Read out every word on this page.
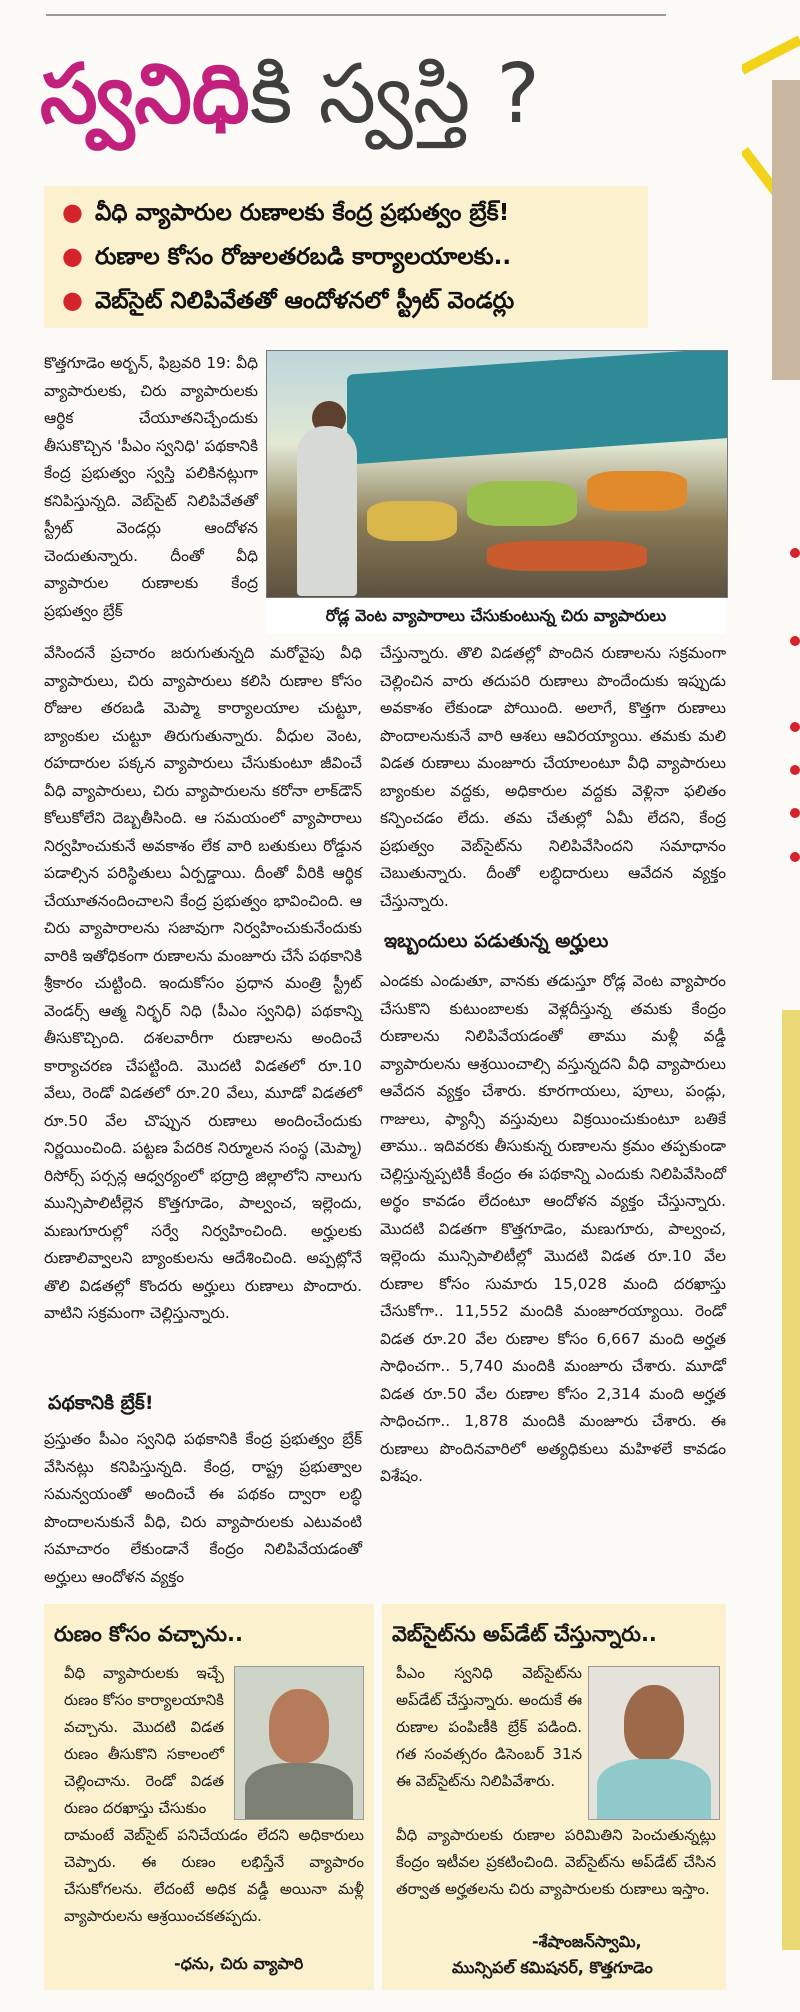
స్వనిధికి స్వస్తి ?
● వీధి వ్యాపారుల రుణాలకు కేంద్ర ప్రభుత్వం బ్రేక్!
● రుణాల కోసం రోజులతరబడి కార్యాలయాలకు..
● వెబ్‌సైట్ నిలిపివేతతో ఆందోళనలో స్ట్రీట్ వెండర్లు
రోడ్ల వెంట వ్యాపారాలు చేసుకుంటున్న చిరు వ్యాపారులు

కొత్తగూడెం అర్బన్, ఫిబ్రవరి 19: వీధి వ్యాపారులకు, చిరు వ్యాపారులకు ఆర్థిక చేయూతనిచ్చేందుకు తీసుకొచ్చిన 'పీఎం స్వనిధి' పథకానికి కేంద్ర ప్రభుత్వం స్వస్తి పలికినట్లుగా కనిపిస్తున్నది. వెబ్‌సైట్ నిలిపివేతతో స్ట్రీట్ వెండర్లు ఆందోళన చెందుతున్నారు. దీంతో వీధి వ్యాపారుల రుణాలకు కేంద్ర ప్రభుత్వం బ్రేక్

వేసిందనే ప్రచారం జరుగుతున్నది మరోవైపు వీధి వ్యాపారులు, చిరు వ్యాపారులు కలిసి రుణాల కోసం రోజుల తరబడి మెప్మా కార్యాలయాల చుట్టూ, బ్యాంకుల చుట్టూ తిరుగుతున్నారు. వీధుల వెంట, రహదారుల పక్కన వ్యాపారులు చేసుకుంటూ జీవించే వీధి వ్యాపారులు, చిరు వ్యాపారులను కరోనా లాక్‌డౌన్ కోలుకోలేని దెబ్బతీసింది. ఆ సమయంలో వ్యాపారాలు నిర్వహించుకునే అవకాశం లేక వారి బతుకులు రోడ్డున పడాల్సిన పరిస్థితులు ఏర్పడ్డాయి. దీంతో వీరికి ఆర్థిక చేయూతనందించాలని కేంద్ర ప్రభుత్వం భావించింది. ఆ చిరు వ్యాపారాలను సజావుగా నిర్వహించుకునేందుకు వారికి ఇతోధికంగా రుణాలను మంజూరు చేసే పథకానికి శ్రీకారం చుట్టింది. ఇందుకోసం ప్రధాన మంత్రి స్ట్రీట్ వెండర్స్ ఆత్మ నిర్భర్ నిధి (పీఎం స్వనిధి) పథకాన్ని తీసుకొచ్చింది. దశలవారీగా రుణాలను అందించే కార్యాచరణ చేపట్టింది. మొదటి విడతలో రూ.10 వేలు, రెండో విడతలో రూ.20 వేలు, మూడో విడతలో రూ.50 వేల చొప్పున రుణాలు అందించేందుకు నిర్ణయించింది. పట్టణ పేదరిక నిర్మూలన సంస్థ (మెప్మా) రిసోర్స్ పర్సన్ల ఆధ్వర్యంలో భద్రాద్రి జిల్లాలోని నాలుగు మున్సిపాలిటీల్లెన కొత్తగూడెం, పాల్వంచ, ఇల్లెందు, మణుగూరుల్లో సర్వే నిర్వహించింది. అర్హులకు రుణాలివ్వాలని బ్యాంకులను ఆదేశించింది. అప్పట్లోనే తొలి విడతల్లో కొందరు అర్హులు రుణాలు పొందారు. వాటిని సక్రమంగా చెల్లిస్తున్నారు.

పథకానికి బ్రేక్!

ప్రస్తుతం పీఎం స్వనిధి పథకానికి కేంద్ర ప్రభుత్వం బ్రేక్ వేసినట్లు కనిపిస్తున్నది. కేంద్ర, రాష్ట్ర ప్రభుత్వాల సమన్వయంతో అందించే ఈ పథకం ద్వారా లబ్ధి పొందాలనుకునే వీధి, చిరు వ్యాపారులకు ఎటువంటి సమాచారం లేకుండానే కేంద్రం నిలిపివేయడంతో అర్హులు ఆందోళన వ్యక్తం

చేస్తున్నారు. తొలి విడతల్లో పొందిన రుణాలను సక్రమంగా చెల్లించిన వారు తదుపరి రుణాలు పొందేందుకు ఇప్పుడు అవకాశం లేకుండా పోయింది. అలాగే, కొత్తగా రుణాలు పొందాలనుకునే వారి ఆశలు ఆవిరయ్యాయి. తమకు మలి విడత రుణాలు మంజూరు చేయాలంటూ వీధి వ్యాపారులు బ్యాంకుల వద్దకు, అధికారుల వద్దకు వెళ్లినా ఫలితం కన్పించడం లేదు. తమ చేతుల్లో ఏమీ లేదని, కేంద్ర ప్రభుత్వం వెబ్‌సైట్‌ను నిలిపివేసిందని సమాధానం చెబుతున్నారు. దీంతో లబ్ధిదారులు ఆవేదన వ్యక్తం చేస్తున్నారు.

ఇబ్బందులు పడుతున్న అర్హులు

ఎండకు ఎండుతూ, వానకు తడుస్తూ రోడ్ల వెంట వ్యాపారం చేసుకొని కుటుంబాలకు వెళ్లదీస్తున్న తమకు కేంద్రం రుణాలను నిలిపివేయడంతో తాము మళ్లీ వడ్డీ వ్యాపారులను ఆశ్రయించాల్సి వస్తున్నదని వీధి వ్యాపారులు ఆవేదన వ్యక్తం చేశారు. కూరగాయలు, పూలు, పండ్లు, గాజులు, ఫ్యాన్సీ వస్తువులు విక్రయించుకుంటూ బతికే తాము.. ఇదివరకు తీసుకున్న రుణాలను క్రమం తప్పకుండా చెల్లిస్తున్నప్పటికీ కేంద్రం ఈ పథకాన్ని ఎందుకు నిలిపివేసిందో అర్థం కావడం లేదంటూ ఆందోళన వ్యక్తం చేస్తున్నారు. మొదటి విడతగా కొత్తగూడెం, మణుగూరు, పాల్వంచ, ఇల్లెందు మున్సిపాలిటీల్లో మొదటి విడత రూ.10 వేల రుణాల కోసం సుమారు 15,028 మంది దరఖాస్తు చేసుకోగా.. 11,552 మందికి మంజూరయ్యాయి. రెండో విడత రూ.20 వేల రుణాల కోసం 6,667 మంది అర్హత సాధించగా.. 5,740 మందికి మంజూరు చేశారు. మూడో విడత రూ.50 వేల రుణాల కోసం 2,314 మంది అర్హత సాధించగా.. 1,878 మందికి మంజూరు చేశారు. ఈ రుణాలు పొందినవారిలో అత్యధికులు మహిళలే కావడం విశేషం.

రుణం కోసం వచ్చాను..
వీధి వ్యాపారులకు ఇచ్చే రుణం కోసం కార్యాలయానికి వచ్చాను. మొదటి విడత రుణం తీసుకొని సకాలంలో చెల్లించాను. రెండో విడత రుణం దరఖాస్తు చేసుకుం
దామంటే వెబ్‌సైట్ పనిచేయడం లేదని అధికారులు చెప్పారు. ఈ రుణం లభిస్తేనే వ్యాపారం చేసుకోగలను. లేదంటే అధిక వడ్డీ అయినా మళ్లీ వ్యాపారులను ఆశ్రయించకతప్పదు.
-ధను, చిరు వ్యాపారి
వెబ్‌సైట్‌ను అప్‌డేట్ చేస్తున్నారు..
పీఎం స్వనిధి వెబ్‌సైట్‌ను అప్‌డేట్ చేస్తున్నారు. అందుకే ఈ రుణాల పంపిణీకి బ్రేక్ పడింది. గత సంవత్సరం డిసెంబర్ 31న ఈ వెబ్‌సైట్‌ను నిలిపివేశారు.
వీధి వ్యాపారులకు రుణాల పరిమితిని పెంచుతున్నట్లు కేంద్రం ఇటీవల ప్రకటించింది. వెబ్‌సైట్‌ను అప్‌డేట్ చేసిన తర్వాత అర్హతలను చిరు వ్యాపారులకు రుణాలు ఇస్తాం.
-శేషాంజన్‌స్వామి,
మున్సిపల్ కమిషనర్, కొత్తగూడెం
